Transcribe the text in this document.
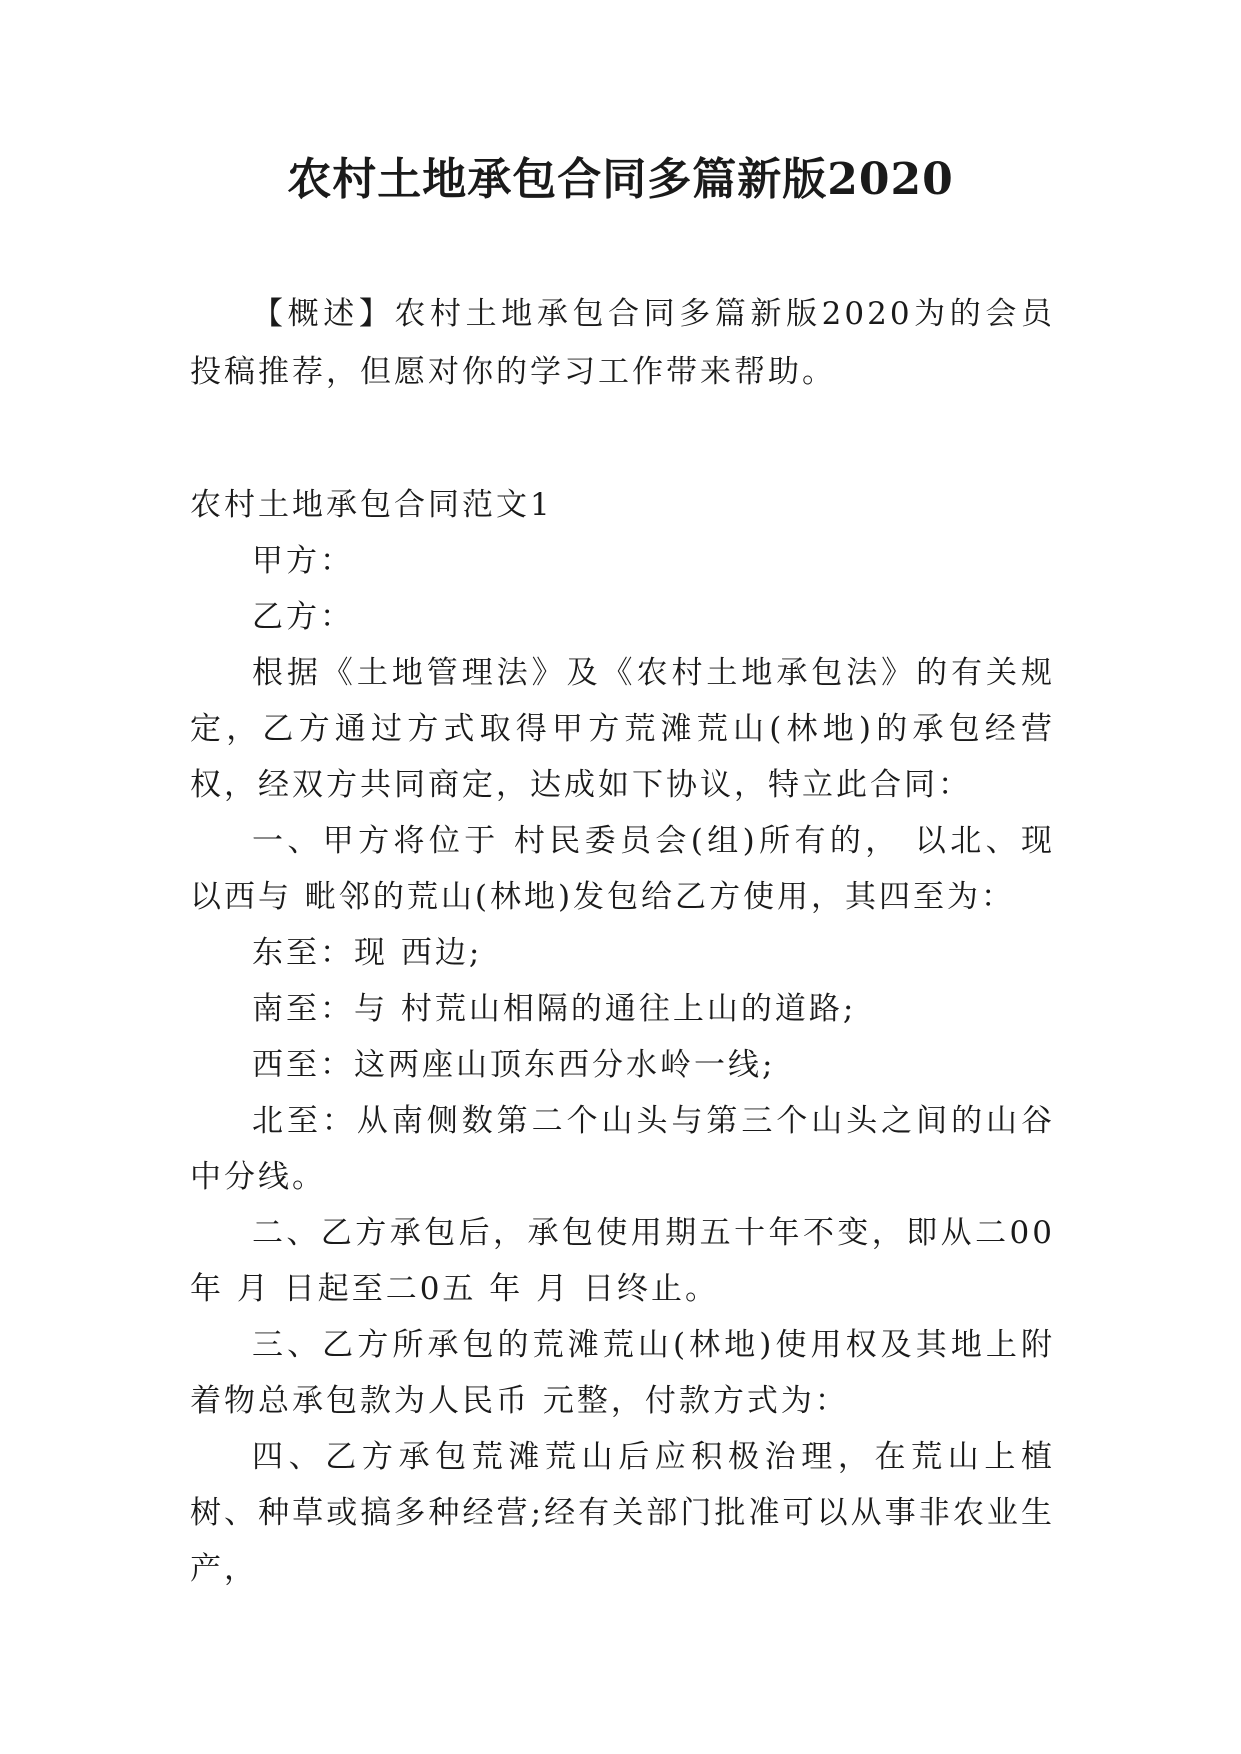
农村土地承包合同多篇新版2020

【概述】农村土地承包合同多篇新版2020为的会员投稿推荐，但愿对你的学习工作带来帮助。

农村土地承包合同范文1

甲方：

乙方：

根据《土地管理法》及《农村土地承包法》的有关规定，乙方通过方式取得甲方荒滩荒山(林地)的承包经营权，经双方共同商定，达成如下协议，特立此合同：

一、甲方将位于 村民委员会(组)所有的， 以北、现以西与 毗邻的荒山(林地)发包给乙方使用，其四至为：

东至：现 西边;

南至：与 村荒山相隔的通往上山的道路;

西至：这两座山顶东西分水岭一线;

北至：从南侧数第二个山头与第三个山头之间的山谷中分线。

二、乙方承包后，承包使用期五十年不变，即从二00年 月 日起至二0五 年 月 日终止。

三、乙方所承包的荒滩荒山(林地)使用权及其地上附着物总承包款为人民币 元整，付款方式为：

四、乙方承包荒滩荒山后应积极治理，在荒山上植树、种草或搞多种经营;经有关部门批准可以从事非农业生产，
